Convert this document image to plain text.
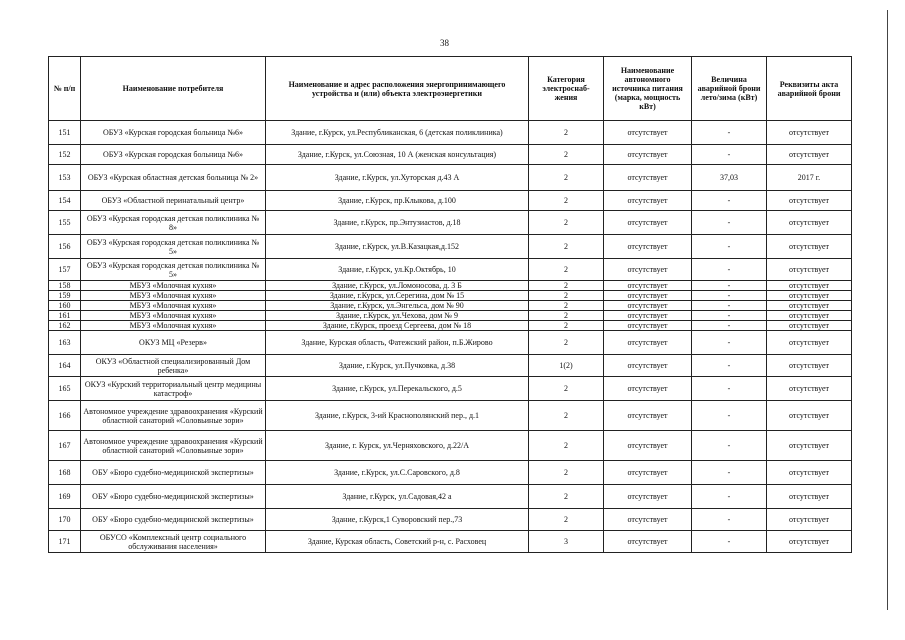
38
№ п/п	Наименование потребителя	Наименование и адрес расположения энергопринимающего устройства и (или) объекта электроэнергетики	Категория электроснаб-жения	Наименование автономного источника питания (марка, мощность кВт)	Величина аварийной брони лето/зима (кВт)	Реквизиты акта аварийной брони
151	ОБУЗ «Курская городская больница №6»	Здание, г.Курск, ул.Республиканская, 6 (детская поликлиника)	2	отсутствует	-	отсутствует
152	ОБУЗ «Курская городская больница №6»	Здание, г.Курск, ул.Союзная, 10 А (женская консультация)	2	отсутствует	-	отсутствует
153	ОБУЗ «Курская областная детская больница № 2»	Здание, г.Курск, ул.Хуторская д.43 А	2	отсутствует	37,03	2017 г.
154	ОБУЗ «Областной перинатальный центр»	Здание, г.Курск, пр.Клыкова, д.100	2	отсутствует	-	отсутствует
155	ОБУЗ «Курская городская детская поликлиника № 8»	Здание, г.Курск, пр.Энтузиастов, д.18	2	отсутствует	-	отсутствует
156	ОБУЗ «Курская городская детская поликлиника № 5»	Здание, г.Курск, ул.В.Казацкая,д.152	2	отсутствует	-	отсутствует
157	ОБУЗ «Курская городская детская поликлиника № 5»	Здание, г.Курск, ул.Кр.Октябрь, 10	2	отсутствует	-	отсутствует
158	МБУЗ «Молочная кухня»	Здание, г.Курск, ул.Ломоносова, д. 3 Б	2	отсутствует	-	отсутствует
159	МБУЗ «Молочная кухня»	Здание, г.Курск, ул.Серегина, дом № 15	2	отсутствует	-	отсутствует
160	МБУЗ «Молочная кухня»	Здание, г.Курск, ул.Энгельса, дом № 90	2	отсутствует	-	отсутствует
161	МБУЗ «Молочная кухня»	Здание, г.Курск, ул.Чехова, дом № 9	2	отсутствует	-	отсутствует
162	МБУЗ «Молочная кухня»	Здание, г.Курск, проезд Сергеева, дом № 18	2	отсутствует	-	отсутствует
163	ОКУЗ МЦ «Резерв»	Здание, Курская область, Фатежский район, п.Б.Жирово	2	отсутствует	-	отсутствует
164	ОКУЗ «Областной специализированный Дом ребенка»	Здание, г.Курск, ул.Пучковка, д.38	1(2)	отсутствует	-	отсутствует
165	ОКУЗ «Курский территориальный центр медицины катастроф»	Здание, г.Курск, ул.Перекальского, д.5	2	отсутствует	-	отсутствует
166	Автономное учреждение здравоохранения «Курский областной санаторий «Соловьиные зори»	Здание, г.Курск, 3-ий Краснополянский пер., д.1	2	отсутствует	-	отсутствует
167	Автономное учреждение здравоохранения «Курский областной санаторий «Соловьиные зори»	Здание, г. Курск, ул.Черняховского, д.22/А	2	отсутствует	-	отсутствует
168	ОБУ «Бюро судебно-медицинской экспертизы»	Здание, г.Курск, ул.С.Саровского, д.8	2	отсутствует	-	отсутствует
169	ОБУ «Бюро судебно-медицинской экспертизы»	Здание, г.Курск, ул.Садовая,42 а	2	отсутствует	-	отсутствует
170	ОБУ «Бюро судебно-медицинской экспертизы»	Здание, г.Курск,1 Суворовский пер.,73	2	отсутствует	-	отсутствует
171	ОБУСО «Комплексный центр социального обслуживания населения»	Здание, Курская область, Советский р-н, с. Расховец	3	отсутствует	-	отсутствует
